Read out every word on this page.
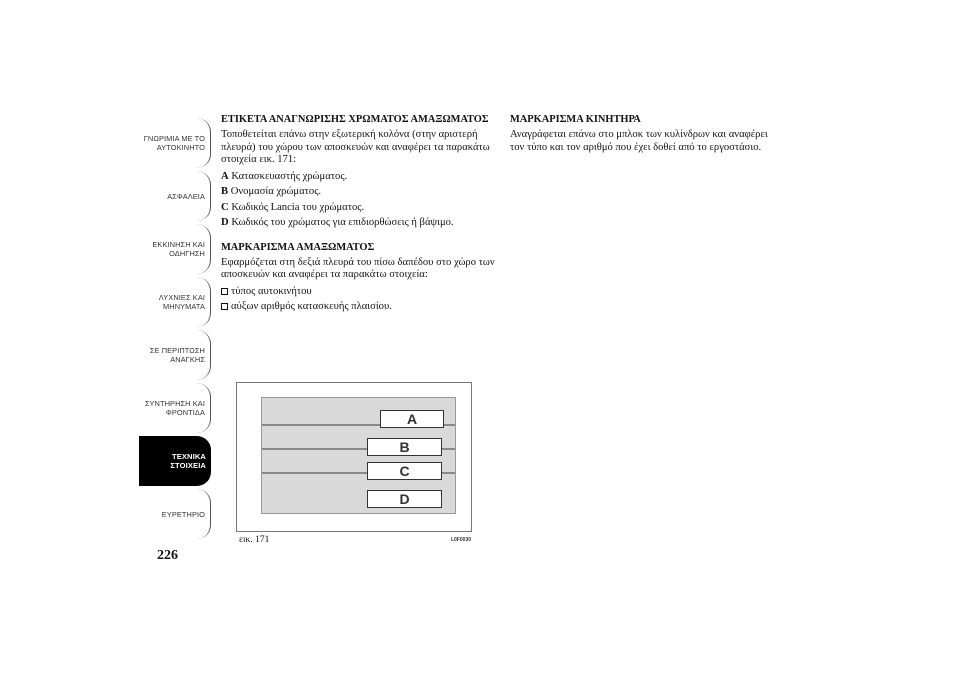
ΓΝΩΡΙΜΙΑ ΜΕ ΤΟ
ΑΥΤΟΚΙΝΗΤΟ
ΑΣΦΑΛΕΙΑ
ΕΚΚΙΝΗΣΗ ΚΑΙ
ΟΔΗΓΗΣΗ
ΛΥΧΝΙΕΣ ΚΑΙ
ΜΗΝΥΜΑΤΑ
ΣΕ ΠΕΡΙΠΤΩΣΗ
ΑΝΑΓΚΗΣ
ΣΥΝΤΗΡΗΣΗ ΚΑΙ
ΦΡΟΝΤΙΔΑ
ΤΕΧΝΙΚΑ
ΣΤΟΙΧΕΙΑ
ΕΥΡΕΤΗΡΙΟ
226
ΕΤΙΚΕΤΑ ΑΝΑΓΝΩΡΙΣΗΣ ΧΡΩΜΑΤΟΣ ΑΜΑΞΩΜΑΤΟΣ
Τοποθετείται επάνω στην εξωτερική κολόνα (στην αριστερή πλευρά) του χώρου των αποσκευών και αναφέρει τα παρακάτω στοιχεία εικ. 171:
A Κατασκευαστής χρώματος.
B Ονομασία χρώματος.
C Κωδικός Lancia του χρώματος.
D Κωδικός του χρώματος για επιδιορθώσεις ή βάψιμο.
ΜΑΡΚΑΡΙΣΜΑ ΑΜΑΞΩΜΑΤΟΣ
Εφαρμόζεται στη δεξιά πλευρά του πίσω δαπέδου στο χώρο των αποσκευών και αναφέρει τα παρακάτω στοιχεία:
τύπος αυτοκινήτου
αύξων αριθμός κατασκευής πλαισίου.
ΜΑΡΚΑΡΙΣΜΑ ΚΙΝΗΤΗΡΑ
Αναγράφεται επάνω στο μπλοκ των κυλίνδρων και αναφέρει τον τύπο και τον αριθμό που έχει δοθεί από το εργοστάσιο.
A
B
C
D
εικ. 171	L0F0030
